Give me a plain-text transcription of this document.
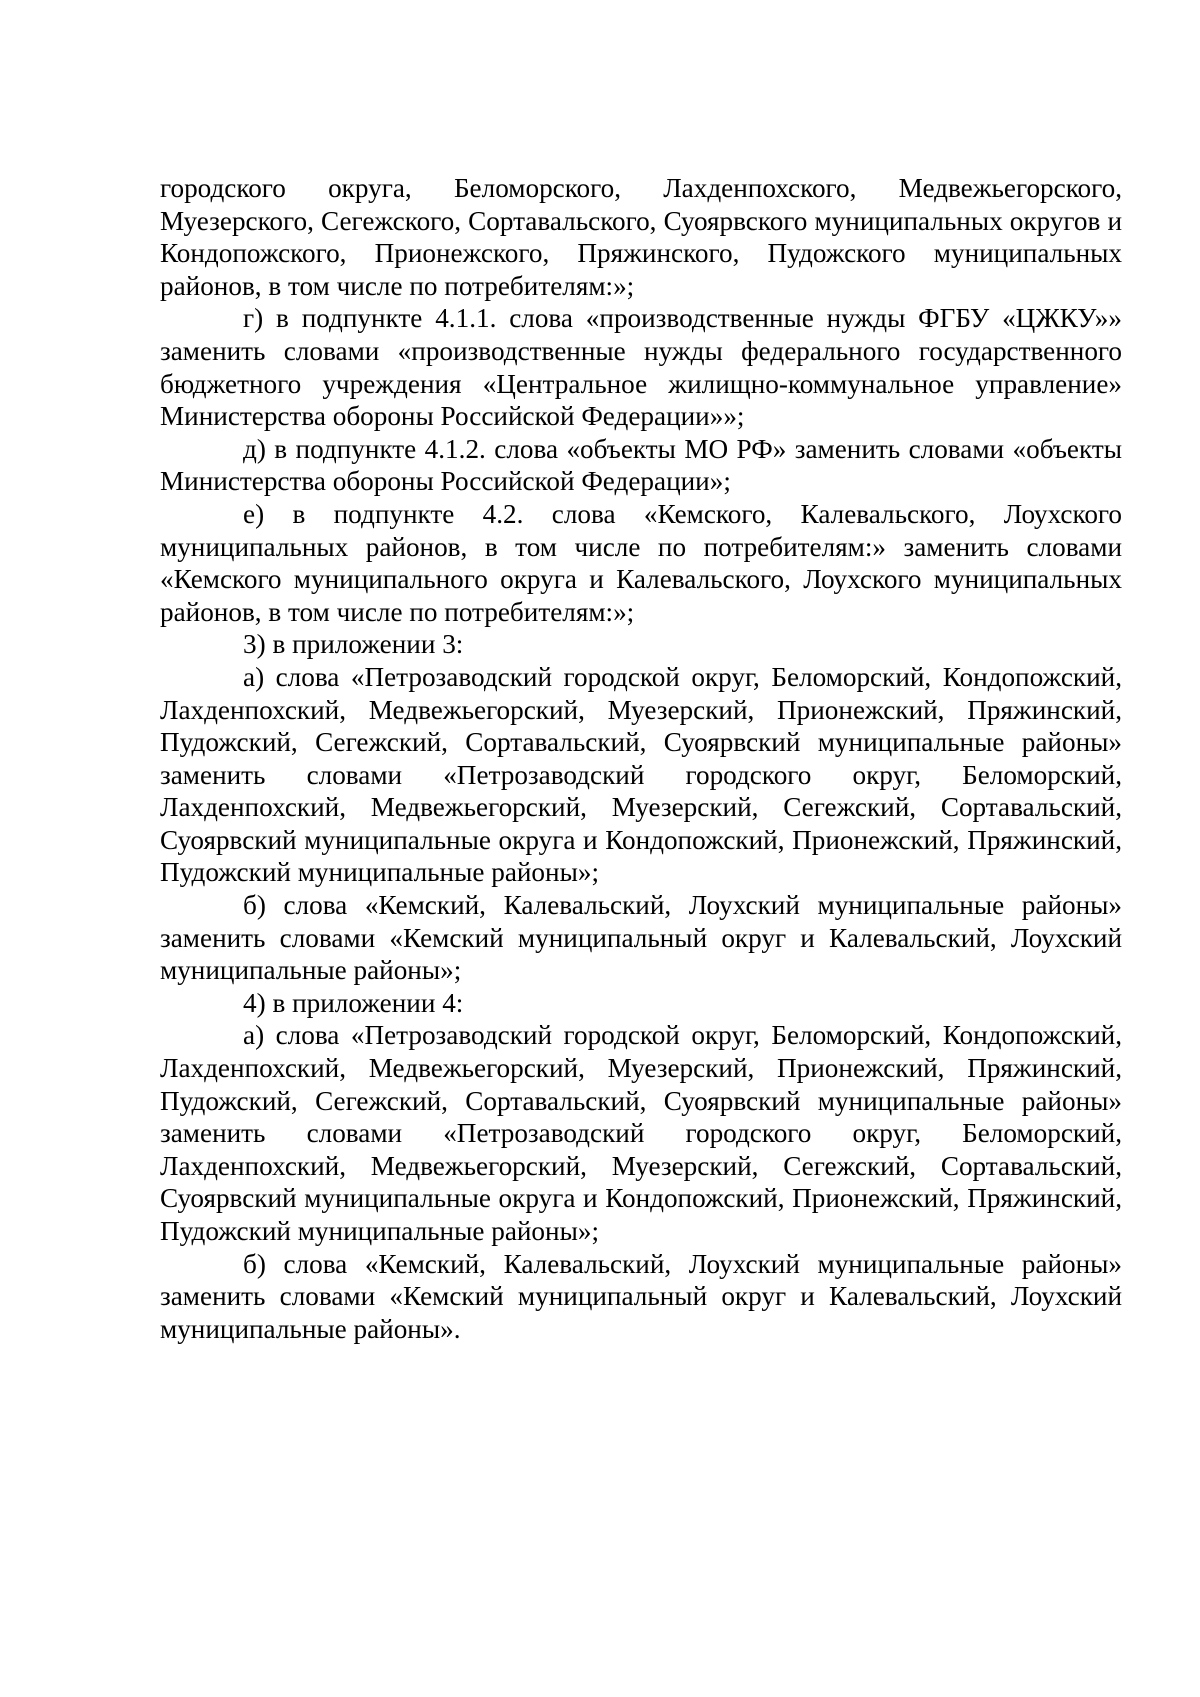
городского округа, Беломорского, Лахденпохского, Медвежьегорского, Муезерского, Сегежского, Сортавальского, Суоярвского муниципальных округов и Кондопожского, Прионежского, Пряжинского, Пудожского муниципальных районов, в том числе по потребителям:»;

г) в подпункте 4.1.1. слова «производственные нужды ФГБУ «ЦЖКУ»» заменить словами «производственные нужды федерального государственного бюджетного учреждения «Центральное жилищно-коммунальное управление» Министерства обороны Российской Федерации»»;

д) в подпункте 4.1.2. слова «объекты МО РФ» заменить словами «объекты Министерства обороны Российской Федерации»;

е) в подпункте 4.2. слова «Кемского, Калевальского, Лоухского муниципальных районов, в том числе по потребителям:» заменить словами «Кемского муниципального округа и Калевальского, Лоухского муниципальных районов, в том числе по потребителям:»;

3) в приложении 3:

а) слова «Петрозаводский городской округ, Беломорский, Кондопожский, Лахденпохский, Медвежьегорский, Муезерский, Прионежский, Пряжинский, Пудожский, Сегежский, Сортавальский, Суоярвский муниципальные районы» заменить словами «Петрозаводский городского округ, Беломорский, Лахденпохский, Медвежьегорский, Муезерский, Сегежский, Сортавальский, Суоярвский муниципальные округа и Кондопожский, Прионежский, Пряжинский, Пудожский муниципальные районы»;

б) слова «Кемский, Калевальский, Лоухский муниципальные районы» заменить словами «Кемский муниципальный округ и Калевальский, Лоухский муниципальные районы»;

4) в приложении 4:

а) слова «Петрозаводский городской округ, Беломорский, Кондопожский, Лахденпохский, Медвежьегорский, Муезерский, Прионежский, Пряжинский, Пудожский, Сегежский, Сортавальский, Суоярвский муниципальные районы» заменить словами «Петрозаводский городского округ, Беломорский, Лахденпохский, Медвежьегорский, Муезерский, Сегежский, Сортавальский, Суоярвский муниципальные округа и Кондопожский, Прионежский, Пряжинский, Пудожский муниципальные районы»;

б) слова «Кемский, Калевальский, Лоухский муниципальные районы» заменить словами «Кемский муниципальный округ и Калевальский, Лоухский муниципальные районы».
